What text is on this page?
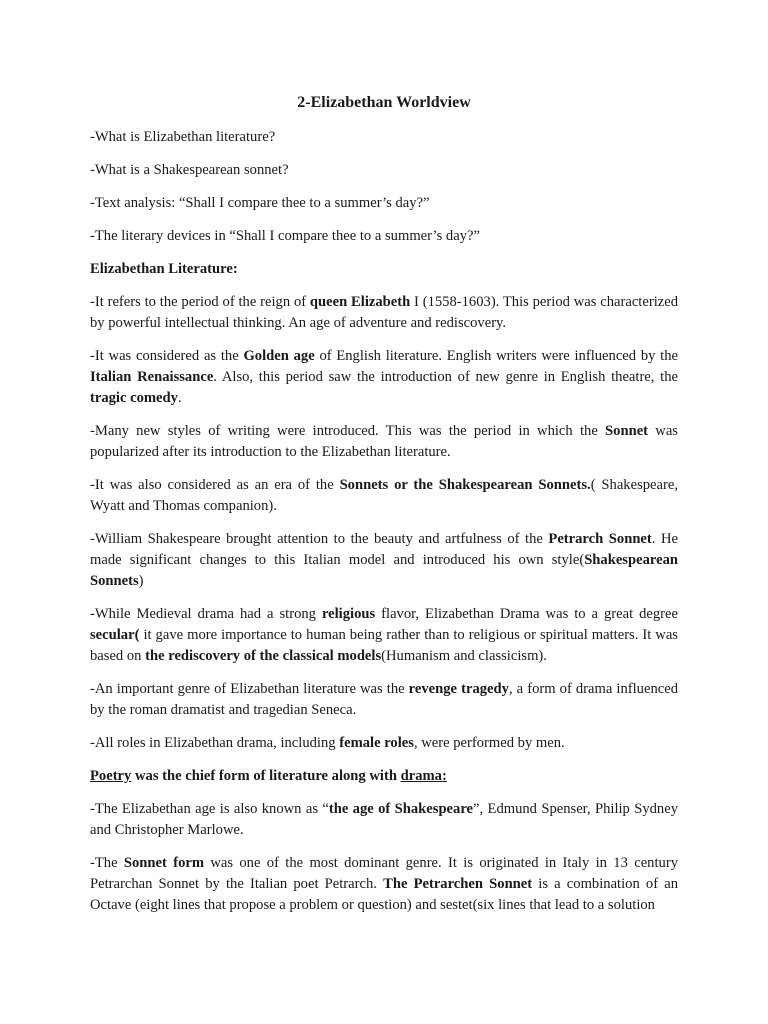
2-Elizabethan Worldview

-What is Elizabethan literature?

-What is a Shakespearean sonnet?

-Text analysis: “Shall I compare thee to a summer’s day?”

-The literary devices in “Shall I compare thee to a summer’s day?”

Elizabethan Literature:

-It refers to the period of the reign of queen Elizabeth I (1558-1603). This period was characterized by powerful intellectual thinking. An age of adventure and rediscovery.

-It was considered as the Golden age of English literature. English writers were influenced by the Italian Renaissance. Also, this period saw the introduction of new genre in English theatre, the tragic comedy.

-Many new styles of writing were introduced. This was the period in which the Sonnet was popularized after its introduction to the Elizabethan literature.

-It was also considered as an era of the Sonnets or the Shakespearean Sonnets.( Shakespeare, Wyatt and Thomas companion).

-William Shakespeare brought attention to the beauty and artfulness of the Petrarch Sonnet. He made significant changes to this Italian model and introduced his own style(Shakespearean Sonnets)

-While Medieval drama had a strong religious flavor, Elizabethan Drama was to a great degree secular( it gave more importance to human being rather than to religious or spiritual matters. It was based on the rediscovery of the classical models(Humanism and classicism).

-An important genre of Elizabethan literature was the revenge tragedy, a form of drama influenced by the roman dramatist and tragedian Seneca.

-All roles in Elizabethan drama, including female roles, were performed by men.

Poetry was the chief form of literature along with drama:

-The Elizabethan age is also known as “the age of Shakespeare”, Edmund Spenser, Philip Sydney and Christopher Marlowe.

-The Sonnet form was one of the most dominant genre. It is originated in Italy in 13 century Petrarchan Sonnet by the Italian poet Petrarch. The Petrarchen Sonnet is a combination of an Octave (eight lines that propose a problem or question) and sestet(six lines that lead to a solution
